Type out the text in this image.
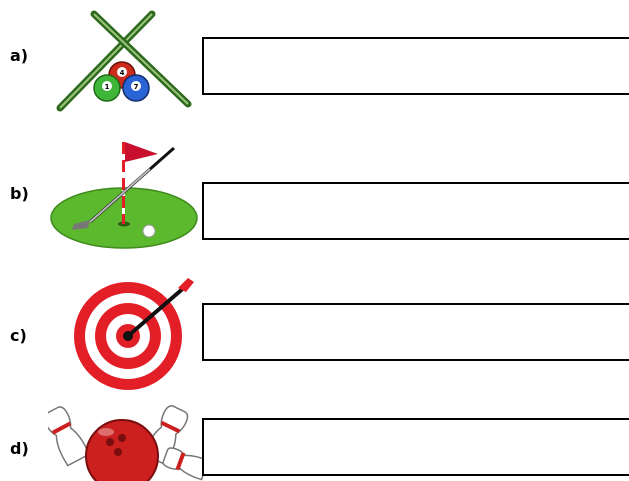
a)
4
1	7
b)
c)
d)
